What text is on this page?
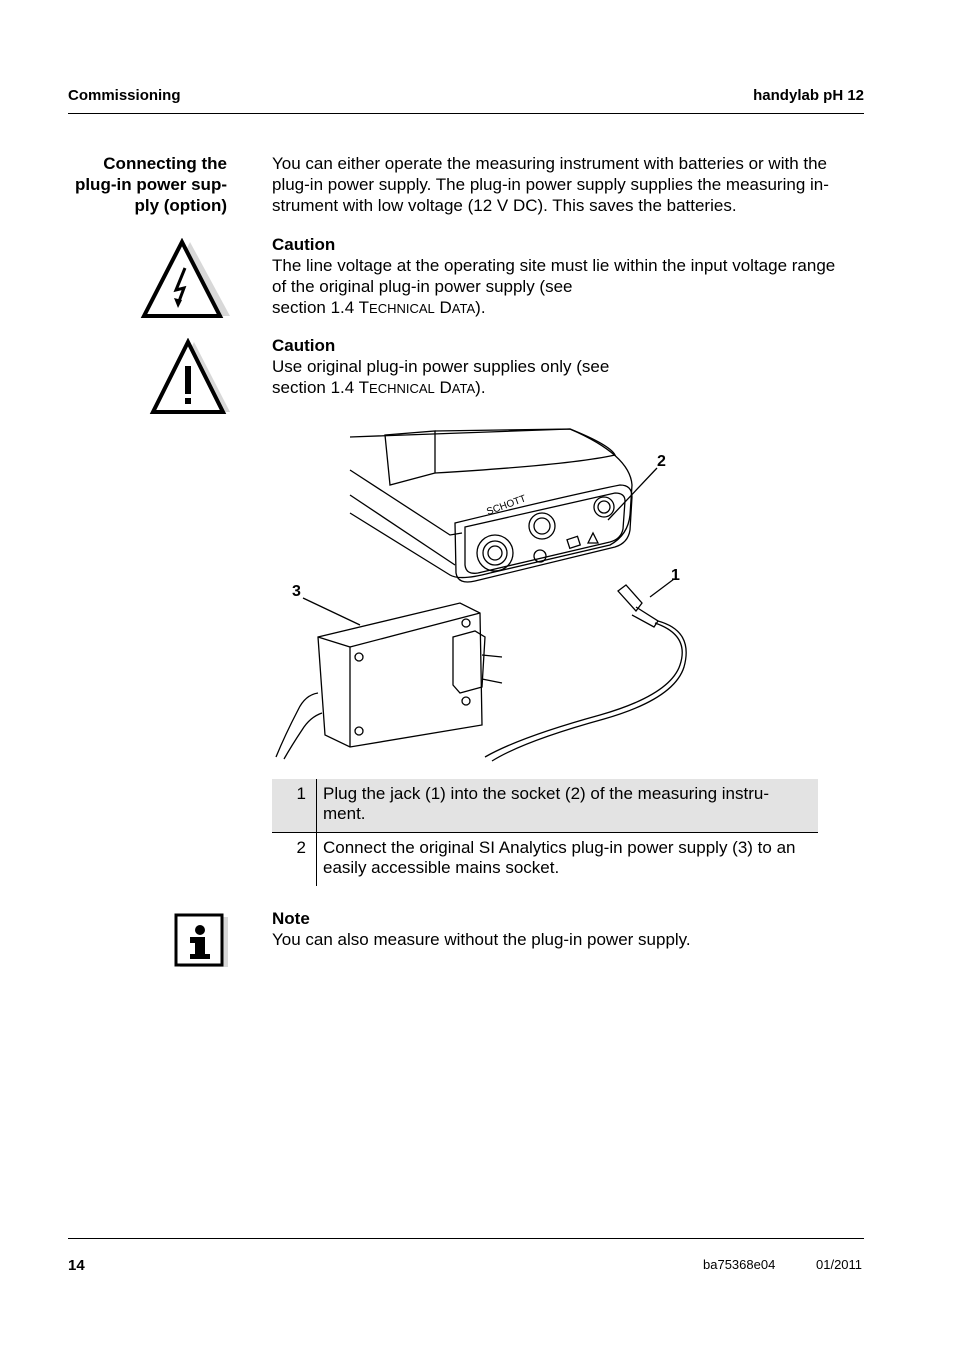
Commissioning	handylab pH 12
Connecting the
plug-in power sup-
ply (option)
You can either operate the measuring instrument with batteries or with the
plug-in power supply. The plug-in power supply supplies the measuring in-
strument with low voltage (12 V DC). This saves the batteries.
Caution
The line voltage at the operating site must lie within the input voltage range
of the original plug-in power supply (see
section 1.4 TECHNICAL DATA).
Caution
Use original plug-in power supplies only (see
section 1.4 TECHNICAL DATA).
SCHOTT
2
1
3
1	Plug the jack (1) into the socket (2) of the measuring instru-
ment.

2	Connect the original SI Analytics plug-in power supply (3) to an
easily accessible mains socket.
Note
You can also measure without the plug-in power supply.
14	ba75368e04	01/2011
